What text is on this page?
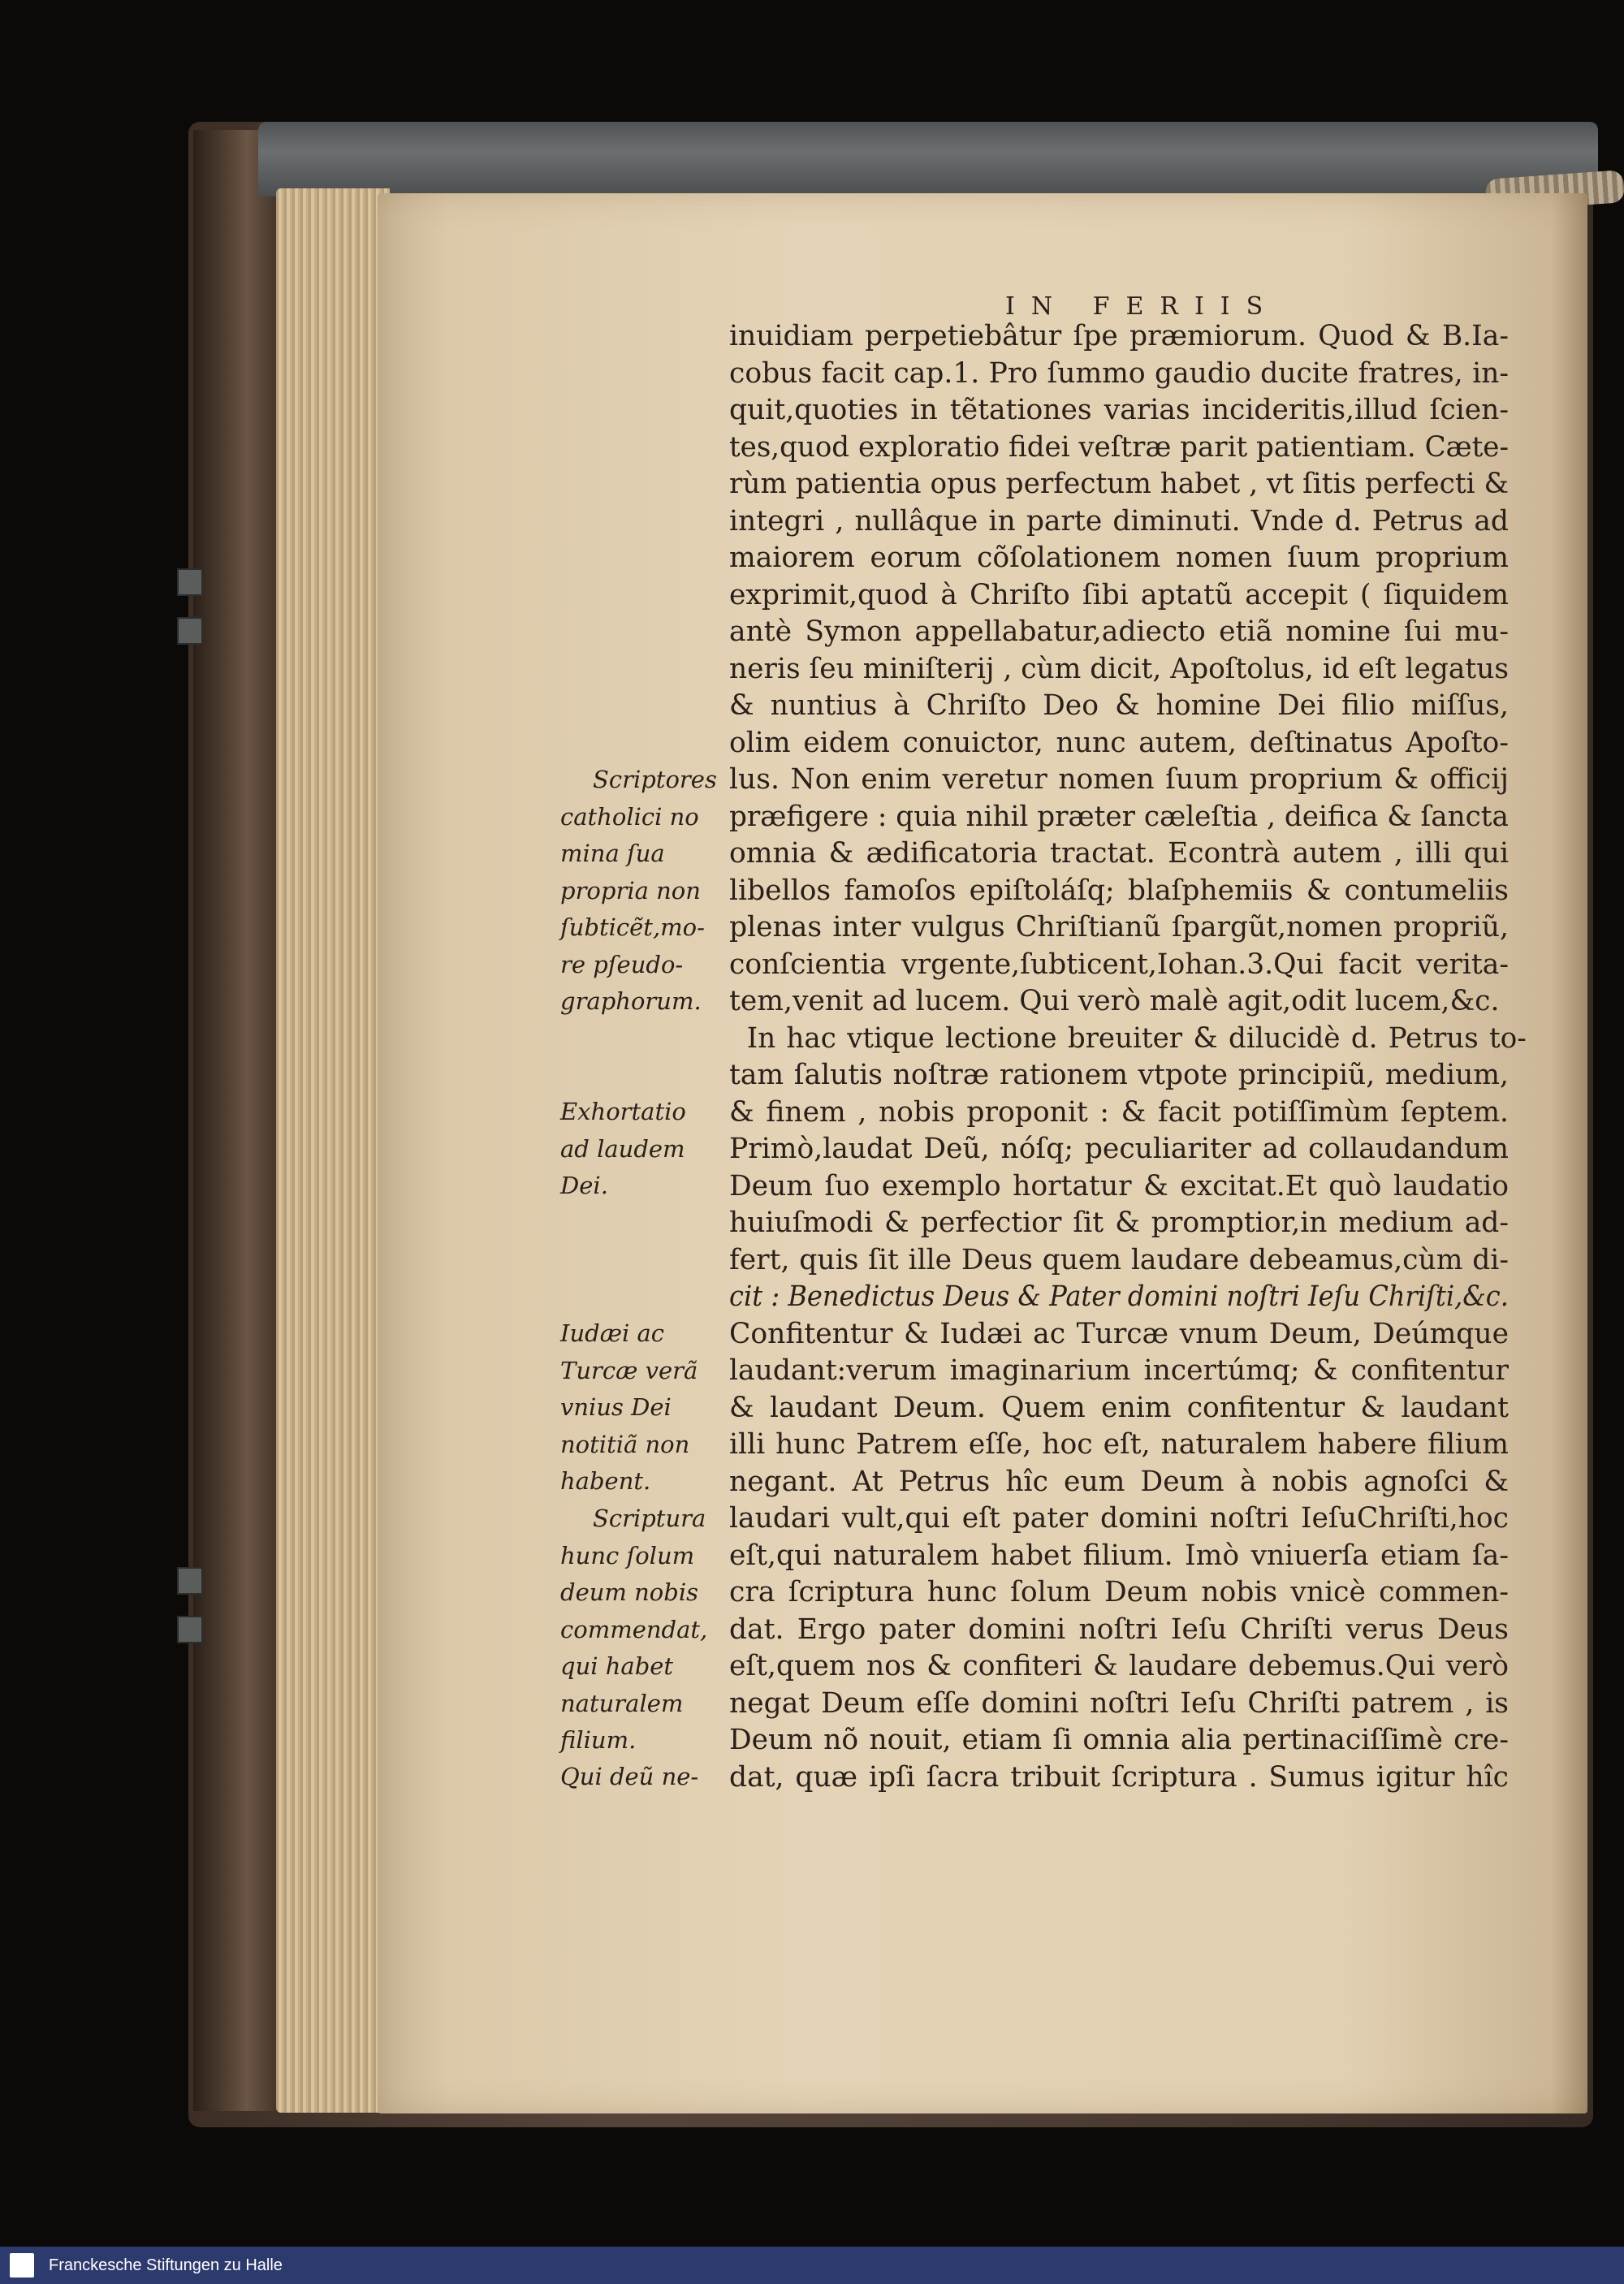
IN FERIIS
inuidiam perpetiebâtur ſpe præmiorum. Quod & B.Ia-
cobus facit cap.1. Pro ſummo gaudio ducite fratres, in-
quit,quoties in tẽtationes varias incideritis,illud ſcien-
tes,quod exploratio fidei veſtræ parit patientiam. Cæte-
rùm patientia opus perfectum habet , vt ſitis perfecti &
integri , nullâque in parte diminuti. Vnde d. Petrus ad
maiorem eorum cõſolationem nomen ſuum proprium
exprimit,quod à Chriſto ſibi aptatũ accepit ( ſiquidem
antè Symon appellabatur,adiecto etiã nomine ſui mu-
neris ſeu miniſterij , cùm dicit, Apoſtolus, id eſt legatus
& nuntius à Chriſto Deo & homine Dei filio miſſus,
olim eidem conuictor, nunc autem, deſtinatus Apoſto-
lus. Non enim veretur nomen ſuum proprium & officij
præfigere : quia nihil præter cæleſtia , deifica & ſancta
omnia & ædificatoria tractat. Econtrà autem , illi qui
libellos famoſos epiſtoláſq; blaſphemiis & contumeliis
plenas inter vulgus Chriſtianũ ſpargũt,nomen propriũ,
conſcientia vrgente,ſubticent,Iohan.3.Qui facit verita-
tem,venit ad lucem. Qui verò malè agit,odit lucem,&c.
In hac vtique lectione breuiter & dilucidè d. Petrus to-
tam ſalutis noſtræ rationem vtpote principiũ, medium,
& finem , nobis proponit : & facit potiſſimùm ſeptem.
Primò,laudat Deũ, nóſq; peculiariter ad collaudandum
Deum ſuo exemplo hortatur & excitat.Et quò laudatio
huiuſmodi & perfectior ſit & promptior,in medium ad-
fert, quis ſit ille Deus quem laudare debeamus,cùm di-
cit : Benedictus Deus & Pater domini noſtri Ieſu Chriſti,&c.
Confitentur & Iudæi ac Turcæ vnum Deum, Deúmque
laudant:verum imaginarium incertúmq; & confitentur
& laudant Deum. Quem enim confitentur & laudant
illi hunc Patrem eſſe, hoc eſt, naturalem habere filium
negant. At Petrus hîc eum Deum à nobis agnoſci &
laudari vult,qui eſt pater domini noſtri IeſuChriſti,hoc
eſt,qui naturalem habet filium. Imò vniuerſa etiam ſa-
cra ſcriptura hunc ſolum Deum nobis vnicè commen-
dat. Ergo pater domini noſtri Ieſu Chriſti verus Deus
eſt,quem nos & confiteri & laudare debemus.Qui verò
negat Deum eſſe domini noſtri Ieſu Chriſti patrem , is
Deum nõ nouit, etiam ſi omnia alia pertinaciſſimè cre-
dat, quæ ipſi ſacra tribuit ſcriptura . Sumus igitur hîc
Scriptores
catholici no
mina ſua
propria non
ſubticẽt,mo-
re pſeudo-
graphorum.
Exhortatio
ad laudem
Dei.
Iudæi ac
Turcæ verã
vnius Dei
notitiã non
habent.
Scriptura
hunc ſolum
deum nobis
commendat,
qui habet
naturalem
filium.
Qui deũ ne-
Franckesche Stiftungen zu Halle
